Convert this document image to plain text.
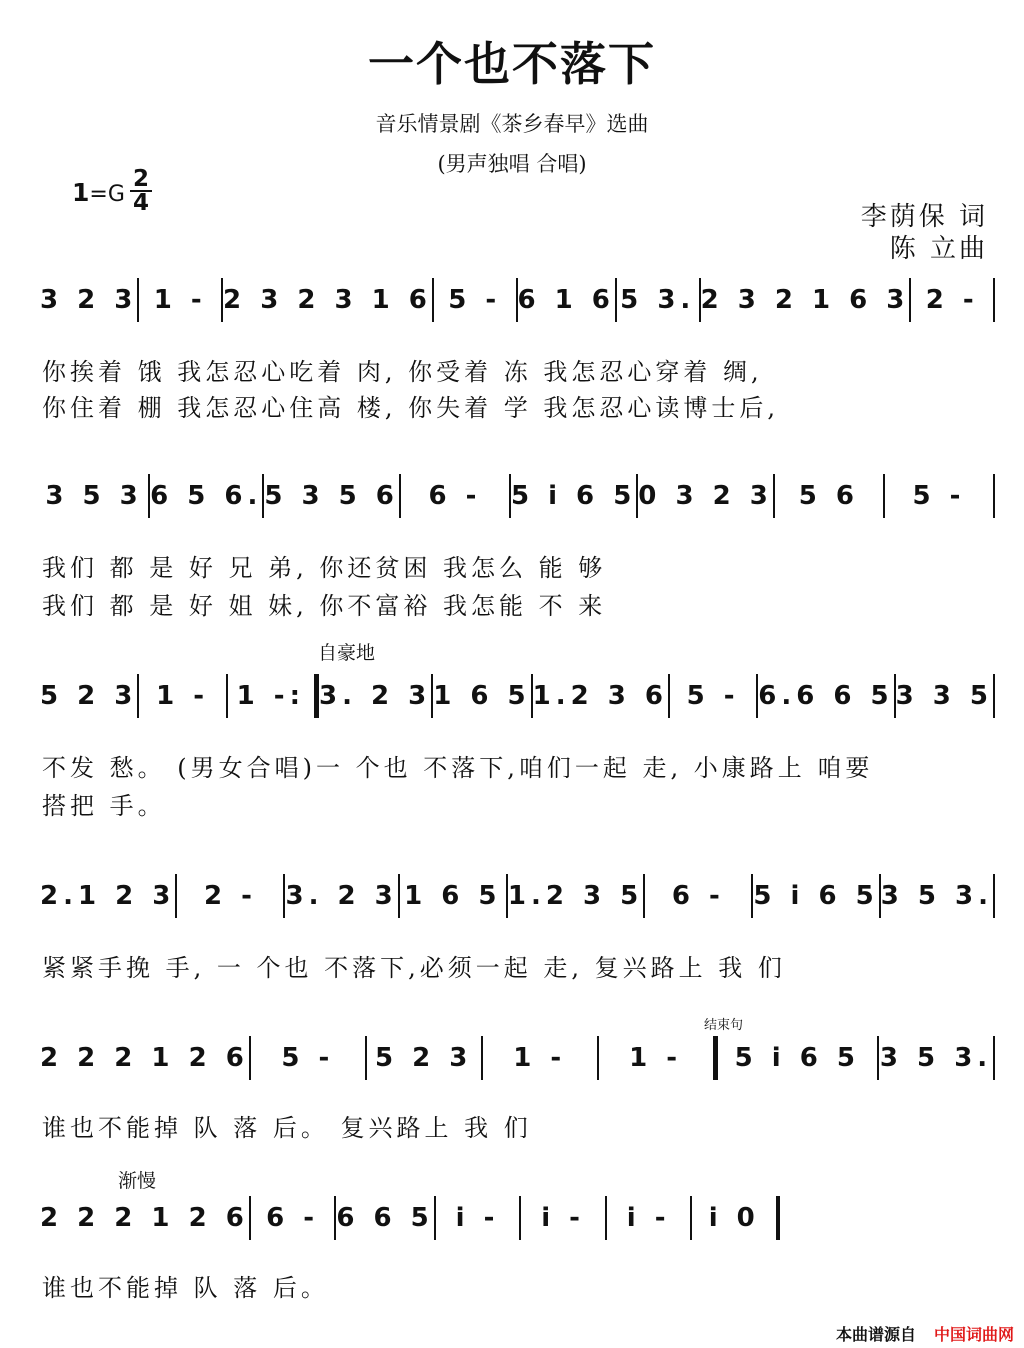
一个也不落下
音乐情景剧《茶乡春早》选曲
(男声独唱 合唱)
1=G
2
4	李荫保 词
陈 立曲
3 2 3 1 - 2 3 2 3 1 6 5 - 6 1 6 5 3. 2 3 2 1 6 3 2 -
你挨着 饿 我怎忍心吃着 肉, 你受着 冻 我怎忍心穿着 绸,
你住着 棚 我怎忍心住高 楼, 你失着 学 我怎忍心读博士后,
3 5 3 6 5 6. 5 3 5 6	6 -	5 i 6 5 0 3 2 3 5 6	5 -
我们 都 是 好 兄 弟, 你还贫困 我怎么 能 够
我们 都 是 好 姐 妹, 你不富裕 我怎能 不 来
自豪地
5 2 3 1 -	1 -: 3. 2 3 1 6 5 1.2 3 6 5 - 6.6 6 5 3 3 5
不发 愁。 (男女合唱)一 个也 不落下,咱们一起 走, 小康路上 咱要
搭把 手。
2.1 2 3	2 -	3. 2 3 1 6 5 1.2 3 5	6 -	5 i 6 5 3 5 3.
紧紧手挽 手, 一 个也 不落下,必须一起 走, 复兴路上 我 们
结束句
2 2 2 1 2 6	5 -	5 2 3	1 -	1 -	5 i 6 5 3 5 3.
谁也不能掉 队 落 后。 复兴路上 我 们
渐慢
2 2 2 1 2 6 6 - 6 6 5 i -	i -	i -	i 0
谁也不能掉 队 落 后。
本曲谱源自 中国词曲网
